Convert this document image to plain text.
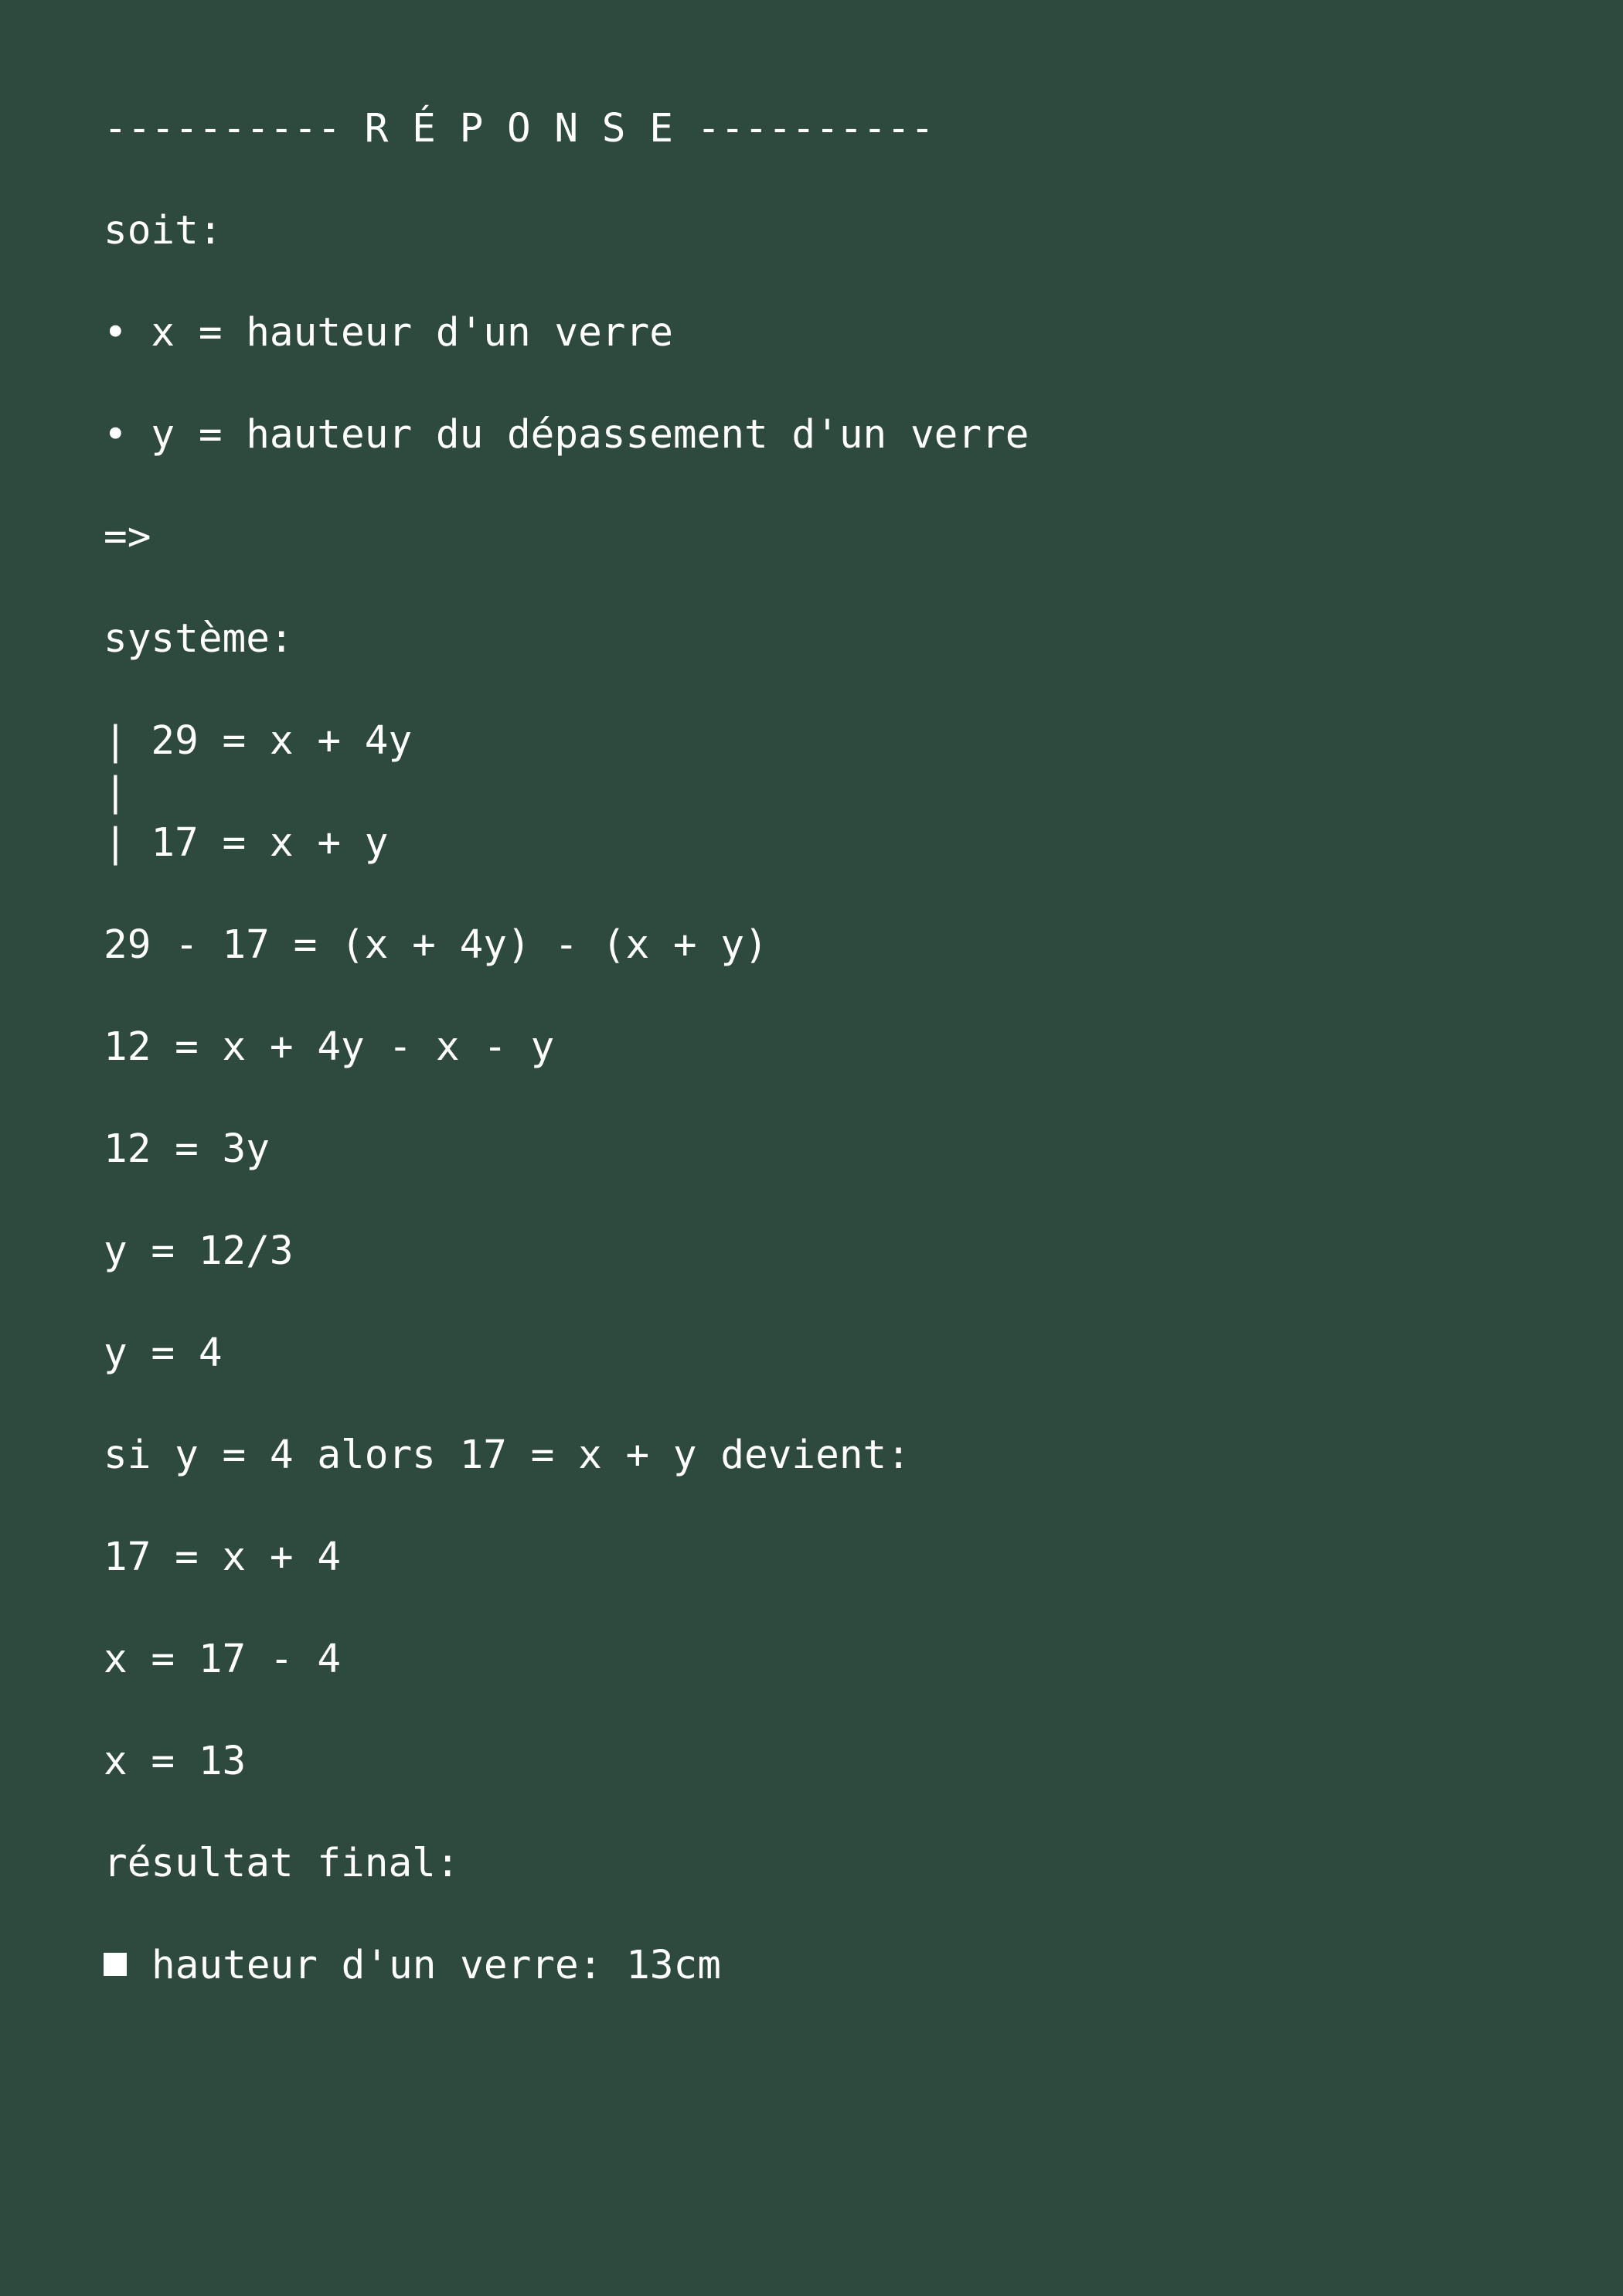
---------- R É P O N S E ----------

soit:

• x = hauteur d'un verre

• y = hauteur du dépassement d'un verre

=>

système:

| 29 = x + 4y

|

| 17 = x + y

29 - 17 = (x + 4y) - (x + y)

12 = x + 4y - x - y

12 = 3y

y = 12/3

y = 4

si y = 4 alors 17 = x + y devient:

17 = x + 4

x = 17 - 4

x = 13

résultat final:

hauteur d'un verre: 13cm
